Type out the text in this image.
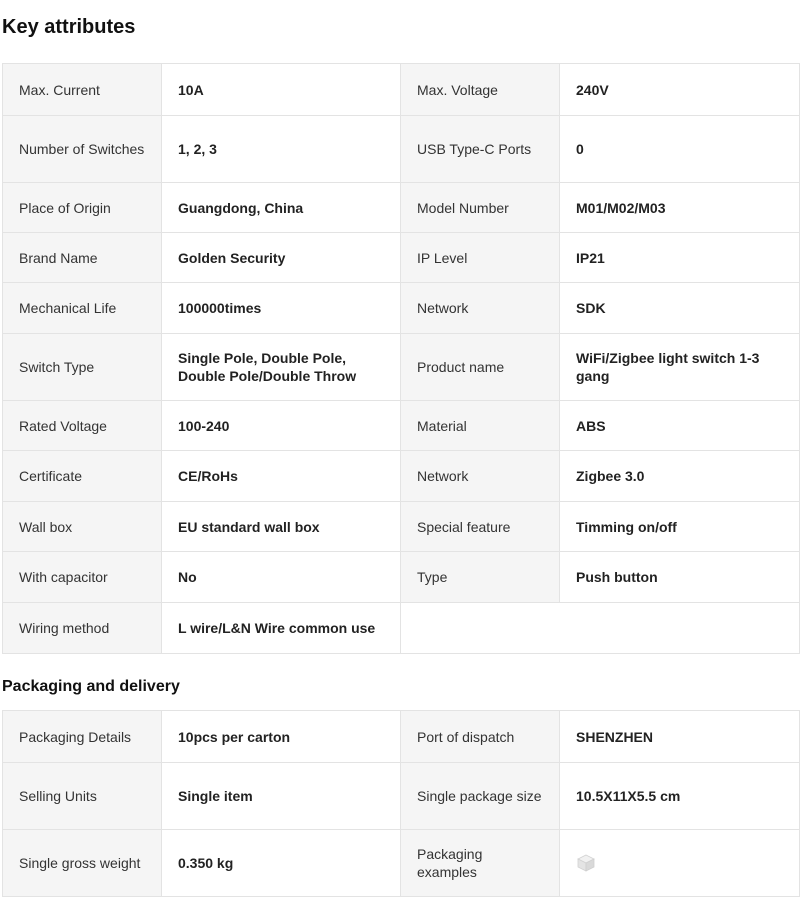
Key attributes
Max. Current	10A	Max. Voltage	240V
Number of Switches	1, 2, 3	USB Type-C Ports	0
Place of Origin	Guangdong, China	Model Number	M01/M02/M03
Brand Name	Golden Security	IP Level	IP21
Mechanical Life	100000times	Network	SDK
Switch Type	Single Pole, Double Pole, Double Pole/Double Throw	Product name	WiFi/Zigbee light switch 1-3 gang
Rated Voltage	100-240	Material	ABS
Certificate	CE/RoHs	Network	Zigbee 3.0
Wall box	EU standard wall box	Special feature	Timming on/off
With capacitor	No	Type	Push button
Wiring method	L wire/L&N Wire common use		
Packaging and delivery
Packaging Details	10pcs per carton	Port of dispatch	SHENZHEN
Selling Units	Single item	Single package size	10.5X11X5.5 cm
Single gross weight	0.350 kg	Packaging examples	
